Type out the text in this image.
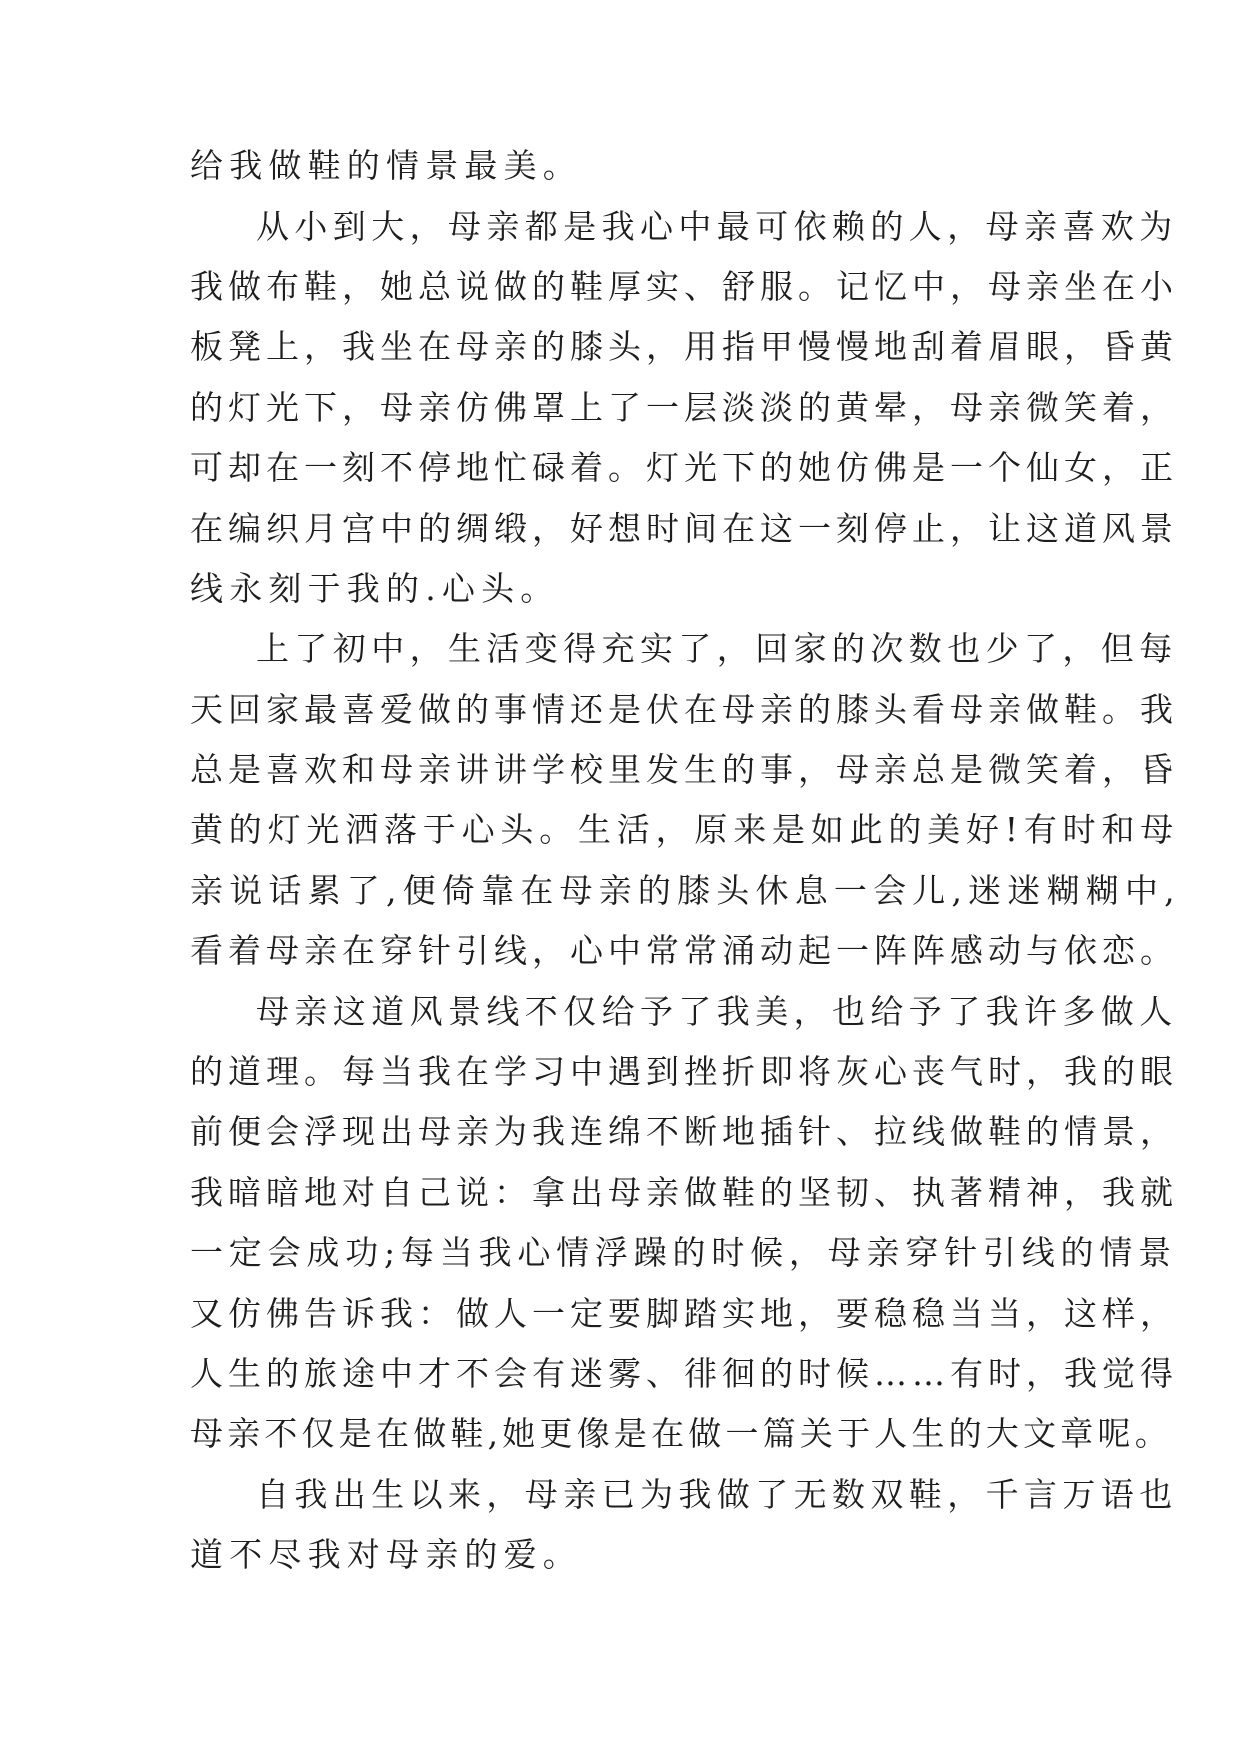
给我做鞋的情景最美。

从小到大，母亲都是我心中最可依赖的人，母亲喜欢为

我做布鞋，她总说做的鞋厚实、舒服。记忆中，母亲坐在小

板凳上，我坐在母亲的膝头，用指甲慢慢地刮着眉眼，昏黄

的灯光下，母亲仿佛罩上了一层淡淡的黄晕，母亲微笑着，

可却在一刻不停地忙碌着。灯光下的她仿佛是一个仙女，正

在编织月宫中的绸缎，好想时间在这一刻停止，让这道风景

线永刻于我的.心头。

上了初中，生活变得充实了，回家的次数也少了，但每

天回家最喜爱做的事情还是伏在母亲的膝头看母亲做鞋。我

总是喜欢和母亲讲讲学校里发生的事，母亲总是微笑着，昏

黄的灯光洒落于心头。生活，原来是如此的美好!有时和母

亲说话累了,便倚靠在母亲的膝头休息一会儿,迷迷糊糊中,

看着母亲在穿针引线，心中常常涌动起一阵阵感动与依恋。

母亲这道风景线不仅给予了我美，也给予了我许多做人

的道理。每当我在学习中遇到挫折即将灰心丧气时，我的眼

前便会浮现出母亲为我连绵不断地插针、拉线做鞋的情景，

我暗暗地对自己说：拿出母亲做鞋的坚韧、执著精神，我就

一定会成功;每当我心情浮躁的时候，母亲穿针引线的情景

又仿佛告诉我：做人一定要脚踏实地，要稳稳当当，这样，

人生的旅途中才不会有迷雾、徘徊的时候……有时，我觉得

母亲不仅是在做鞋,她更像是在做一篇关于人生的大文章呢。

自我出生以来，母亲已为我做了无数双鞋，千言万语也

道不尽我对母亲的爱。
